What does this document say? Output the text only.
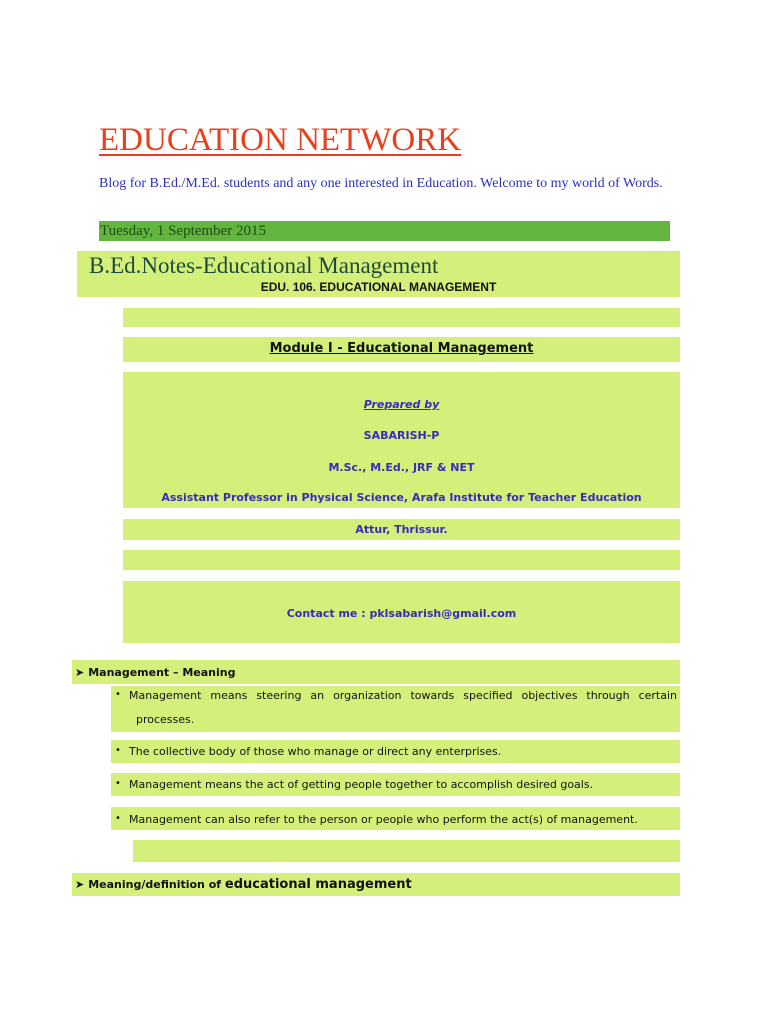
EDUCATION NETWORK
Blog for B.Ed./M.Ed. students and any one interested in Education. Welcome to my world of Words.
Tuesday, 1 September 2015
B.Ed.Notes-Educational Management
EDU. 106. EDUCATIONAL MANAGEMENT
Module I - Educational Management
Prepared by
SABARISH-P
M.Sc., M.Ed., JRF & NET
Assistant Professor in Physical Science, Arafa Institute for Teacher Education
Attur, Thrissur.
Contact me : pklsabarish@gmail.com
➤ Management – Meaning
• Management means steering an organization towards specified objectives through certain
processes.
• The collective body of those who manage or direct any enterprises.
• Management means the act of getting people together to accomplish desired goals.
• Management can also refer to the person or people who perform the act(s) of management.
➤ Meaning/definition of educational management
